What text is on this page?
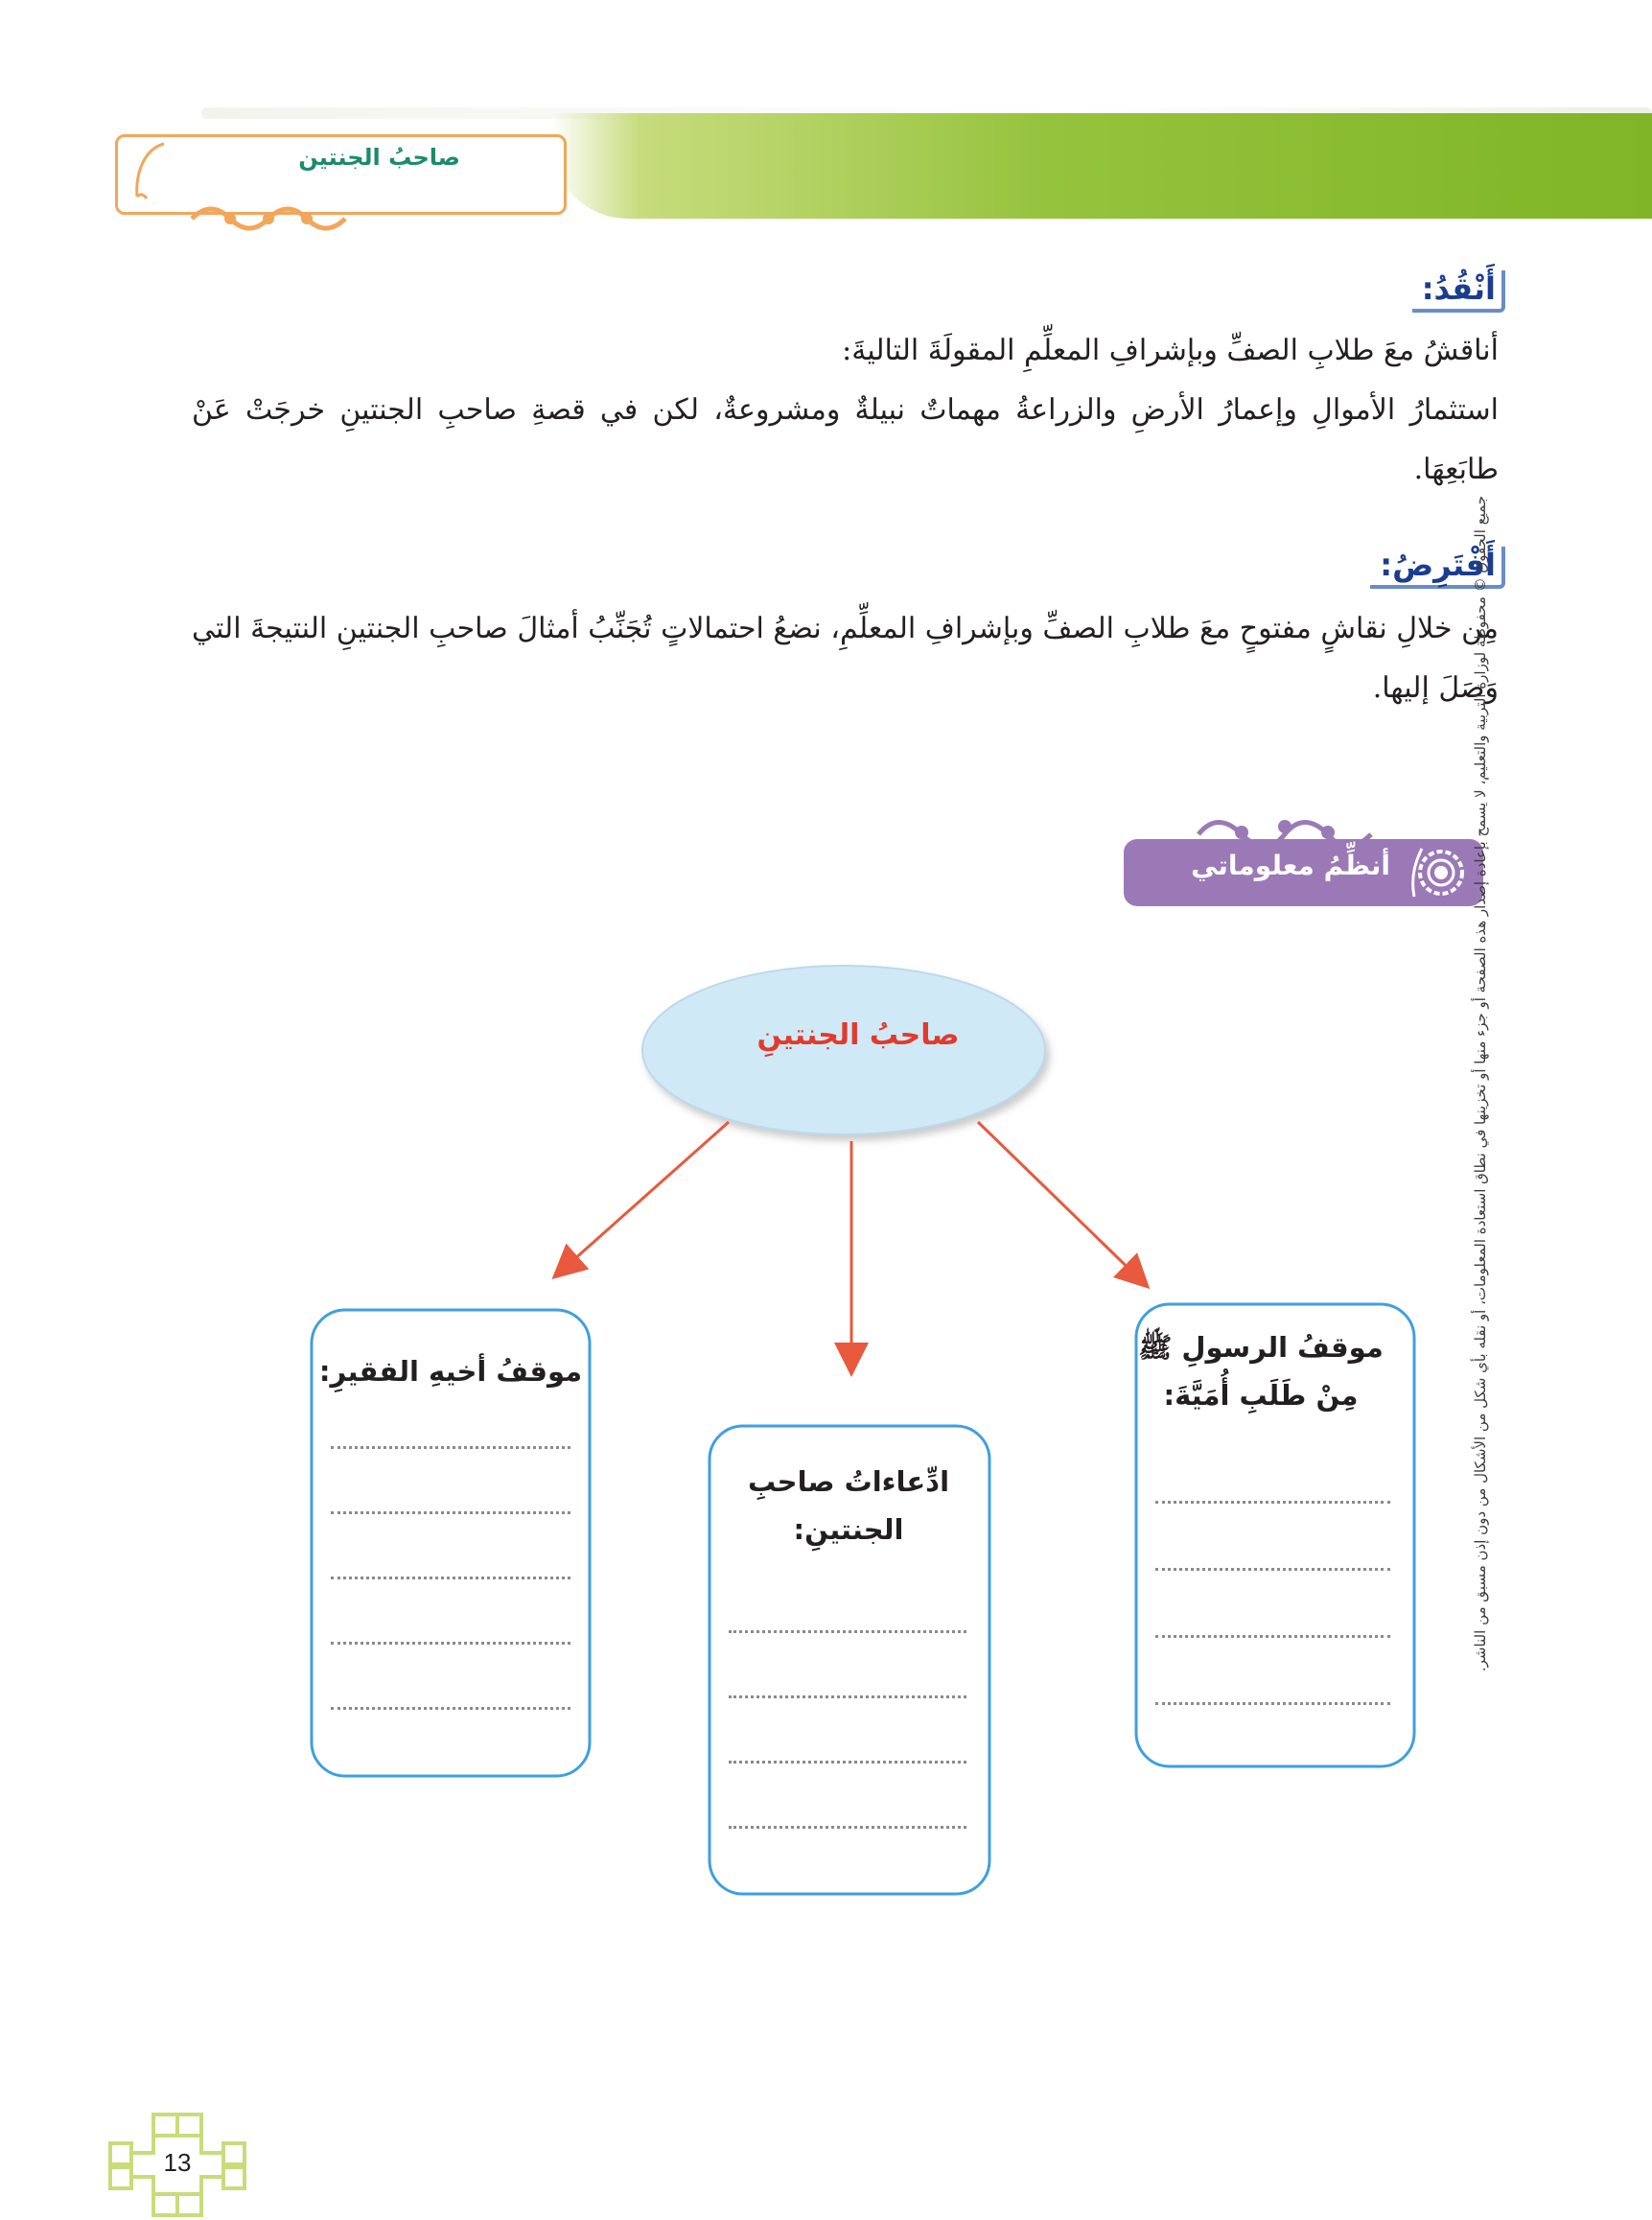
صاحبُ الجنتين
أَنْقُدُ:
أناقشُ معَ طلابِ الصفِّ وبإشرافِ المعلِّمِ المقولَةَ التاليةَ:
استثمارُ الأموالِ وإعمارُ الأرضِ والزراعةُ مهماتٌ نبيلةٌ ومشروعةٌ، لكن في قصةِ صاحبِ الجنتينِ خرجَتْ عَنْ طابَعِهَا.
أَفْتَرِضُ:
مِن خلالِ نقاشٍ مفتوحٍ معَ طلابِ الصفِّ وبإشرافِ المعلِّمِ، نضعُ احتمالاتٍ تُجَنِّبُ أمثالَ صاحبِ الجنتينِ النتيجةَ التي وَصَلَ إليها.
أنظِّمُ معلوماتي
صاحبُ الجنتينِ
موقفُ الرسولِ ﷺ
مِنْ طَلَبِ أُمَيَّةَ:
ادِّعاءاتُ صاحبِ
الجنتينِ:
موقفُ أخيهِ الفقيرِ:	جميع الحقوق © محفوظة لوزارة التربية والتعليم، لا يسمح بإعادة إصدار هذه الصفحة أو جزء منها أو تخزينها في نطاق استعادة المعلومات، أو نقله بأي شكل من الأشكال من دون إذن مسبق من الناشر.
13
